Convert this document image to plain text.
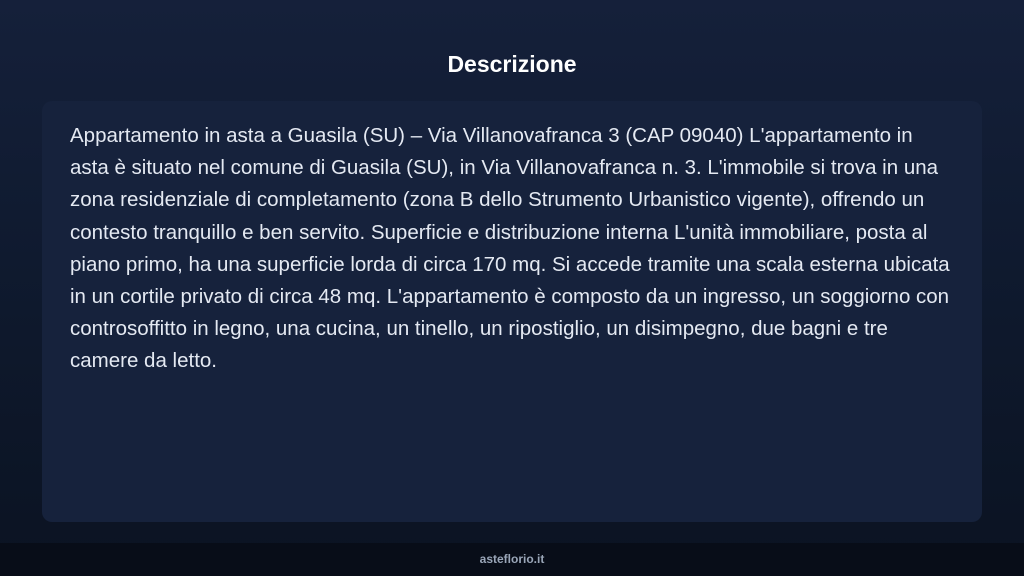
Descrizione

Appartamento in asta a Guasila (SU) – Via Villanovafranca 3 (CAP 09040) L'appartamento in asta è situato nel comune di Guasila (SU), in Via Villanovafranca n. 3. L'immobile si trova in una zona residenziale di completamento (zona B dello Strumento Urbanistico vigente), offrendo un contesto tranquillo e ben servito. Superficie e distribuzione interna L'unità immobiliare, posta al piano primo, ha una superficie lorda di circa 170 mq. Si accede tramite una scala esterna ubicata in un cortile privato di circa 48 mq. L'appartamento è composto da un ingresso, un soggiorno con controsoffitto in legno, una cucina, un tinello, un ripostiglio, un disimpegno, due bagni e tre camere da letto.

asteflorio.it
